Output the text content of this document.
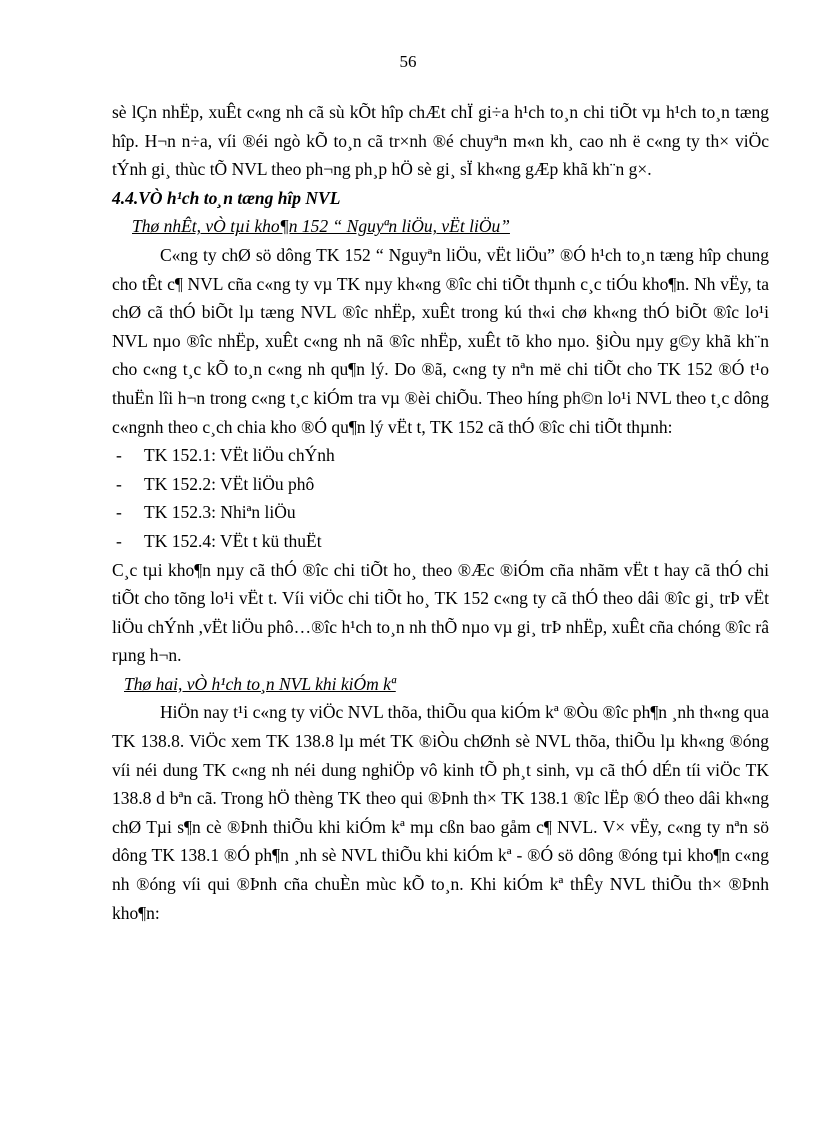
56

sè lÇn nhËp, xuÊt c«ng nh cã sù kÕt hîp chÆt chÏ gi÷a h¹ch to¸n chi tiÕt vµ h¹ch to¸n tæng hîp. H¬n n÷a, víi ®éi ngò kÕ to¸n cã tr×nh ®é chuyªn m«n kh¸ cao nh ë c«ng ty th× viÖc tÝnh gi¸ thùc tÕ NVL theo ph¬ng ph¸p hÖ sè gi¸ sÏ kh«ng gÆp khã kh¨n g×.

4.4.VÒ h¹ch to¸n tæng hîp NVL

Thø nhÊt, vÒ tµi kho¶n 152 “ Nguyªn liÖu, vËt liÖu”

C«ng ty chØ sö dông TK 152 “ Nguyªn liÖu, vËt liÖu” ®Ó h¹ch to¸n tæng hîp chung cho tÊt c¶ NVL cña c«ng ty vµ TK nµy kh«ng ®îc chi tiÕt thµnh c¸c tiÓu kho¶n. Nh vËy, ta chØ cã thÓ biÕt lµ tæng NVL ®îc nhËp, xuÊt trong kú th«i chø kh«ng thÓ biÕt ®îc lo¹i NVL nµo ®îc nhËp, xuÊt c«ng nh nã ®îc nhËp, xuÊt tõ kho nµo. §iÒu nµy g©y khã kh¨n cho c«ng t¸c kÕ to¸n c«ng nh qu¶n lý. Do ®ã, c«ng ty nªn më chi tiÕt cho TK 152 ®Ó t¹o thuËn lîi h¬n trong c«ng t¸c kiÓm tra vµ ®èi chiÕu. Theo híng ph©n lo¹i NVL theo t¸c dông c«ngnh theo c¸ch chia kho ®Ó qu¶n lý vËt t, TK 152 cã thÓ ®îc chi tiÕt thµnh:

- TK 152.1: VËt liÖu chÝnh
- TK 152.2: VËt liÖu phô
- TK 152.3: Nhiªn liÖu
- TK 152.4: VËt t kü thuËt

C¸c tµi kho¶n nµy cã thÓ ®îc chi tiÕt ho¸ theo ®Æc ®iÓm cña nhãm vËt t hay cã thÓ chi tiÕt cho tõng lo¹i vËt t. Víi viÖc chi tiÕt ho¸ TK 152 c«ng ty cã thÓ theo dâi ®îc gi¸ trÞ vËt liÖu chÝnh ,vËt liÖu phô…®îc h¹ch to¸n nh thÕ nµo vµ gi¸ trÞ nhËp, xuÊt cña chóng ®îc râ rµng h¬n.

Thø hai, vÒ h¹ch to¸n NVL khi kiÓm kª

HiÖn nay t¹i c«ng ty viÖc NVL thõa, thiÕu qua kiÓm kª ®Òu ®îc ph¶n ¸nh th«ng qua TK 138.8. ViÖc xem TK 138.8 lµ mét TK ®iÒu chØnh sè NVL thõa, thiÕu lµ kh«ng ®óng víi néi dung TK c«ng nh néi dung nghiÖp vô kinh tÕ ph¸t sinh, vµ cã thÓ dÉn tíi viÖc TK 138.8 d bªn cã. Trong hÖ thèng TK theo qui ®Þnh th× TK 138.1 ®îc lËp ®Ó theo dâi kh«ng chØ Tµi s¶n cè ®Þnh thiÕu khi kiÓm kª mµ cßn bao gåm c¶ NVL. V× vËy, c«ng ty nªn sö dông TK 138.1 ®Ó ph¶n ¸nh sè NVL thiÕu khi kiÓm kª - ®Ó sö dông ®óng tµi kho¶n c«ng nh ®óng víi qui ®Þnh cña chuÈn mùc kÕ to¸n. Khi kiÓm kª thÊy NVL thiÕu th× ®Þnh kho¶n:
